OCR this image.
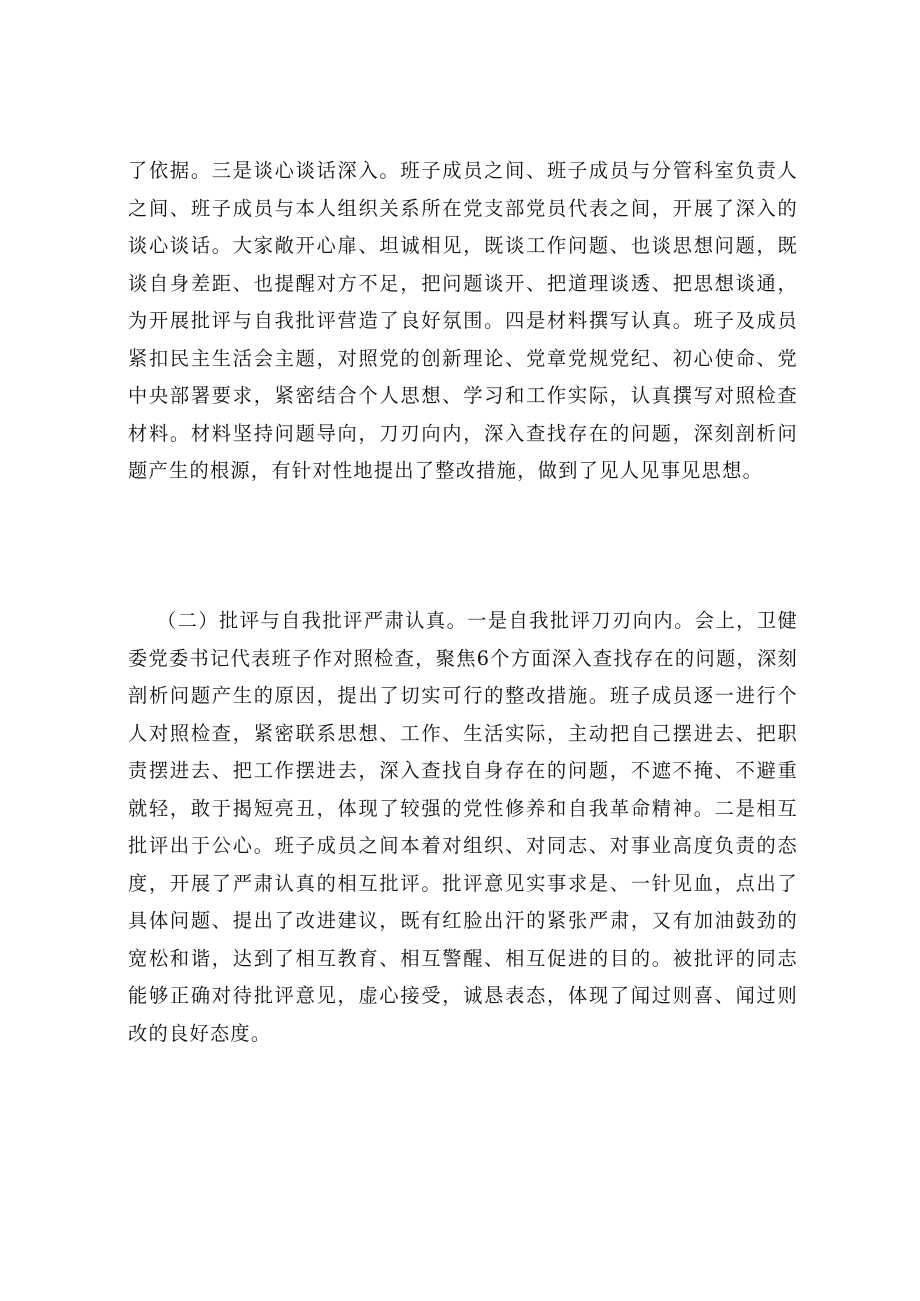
了依据。三是谈心谈话深入。班子成员之间、班子成员与分管科室负责人之间、班子成员与本人组织关系所在党支部党员代表之间，开展了深入的谈心谈话。大家敞开心扉、坦诚相见，既谈工作问题、也谈思想问题，既谈自身差距、也提醒对方不足，把问题谈开、把道理谈透、把思想谈通，为开展批评与自我批评营造了良好氛围。四是材料撰写认真。班子及成员紧扣民主生活会主题，对照党的创新理论、党章党规党纪、初心使命、党中央部署要求，紧密结合个人思想、学习和工作实际，认真撰写对照检查材料。材料坚持问题导向，刀刃向内，深入查找存在的问题，深刻剖析问题产生的根源，有针对性地提出了整改措施，做到了见人见事见思想。

（二）批评与自我批评严肃认真。一是自我批评刀刃向内。会上，卫健委党委书记代表班子作对照检查，聚焦6个方面深入查找存在的问题，深刻剖析问题产生的原因，提出了切实可行的整改措施。班子成员逐一进行个人对照检查，紧密联系思想、工作、生活实际，主动把自己摆进去、把职责摆进去、把工作摆进去，深入查找自身存在的问题，不遮不掩、不避重就轻，敢于揭短亮丑，体现了较强的党性修养和自我革命精神。二是相互批评出于公心。班子成员之间本着对组织、对同志、对事业高度负责的态度，开展了严肃认真的相互批评。批评意见实事求是、一针见血，点出了具体问题、提出了改进建议，既有红脸出汗的紧张严肃，又有加油鼓劲的宽松和谐，达到了相互教育、相互警醒、相互促进的目的。被批评的同志能够正确对待批评意见，虚心接受，诚恳表态，体现了闻过则喜、闻过则改的良好态度。
